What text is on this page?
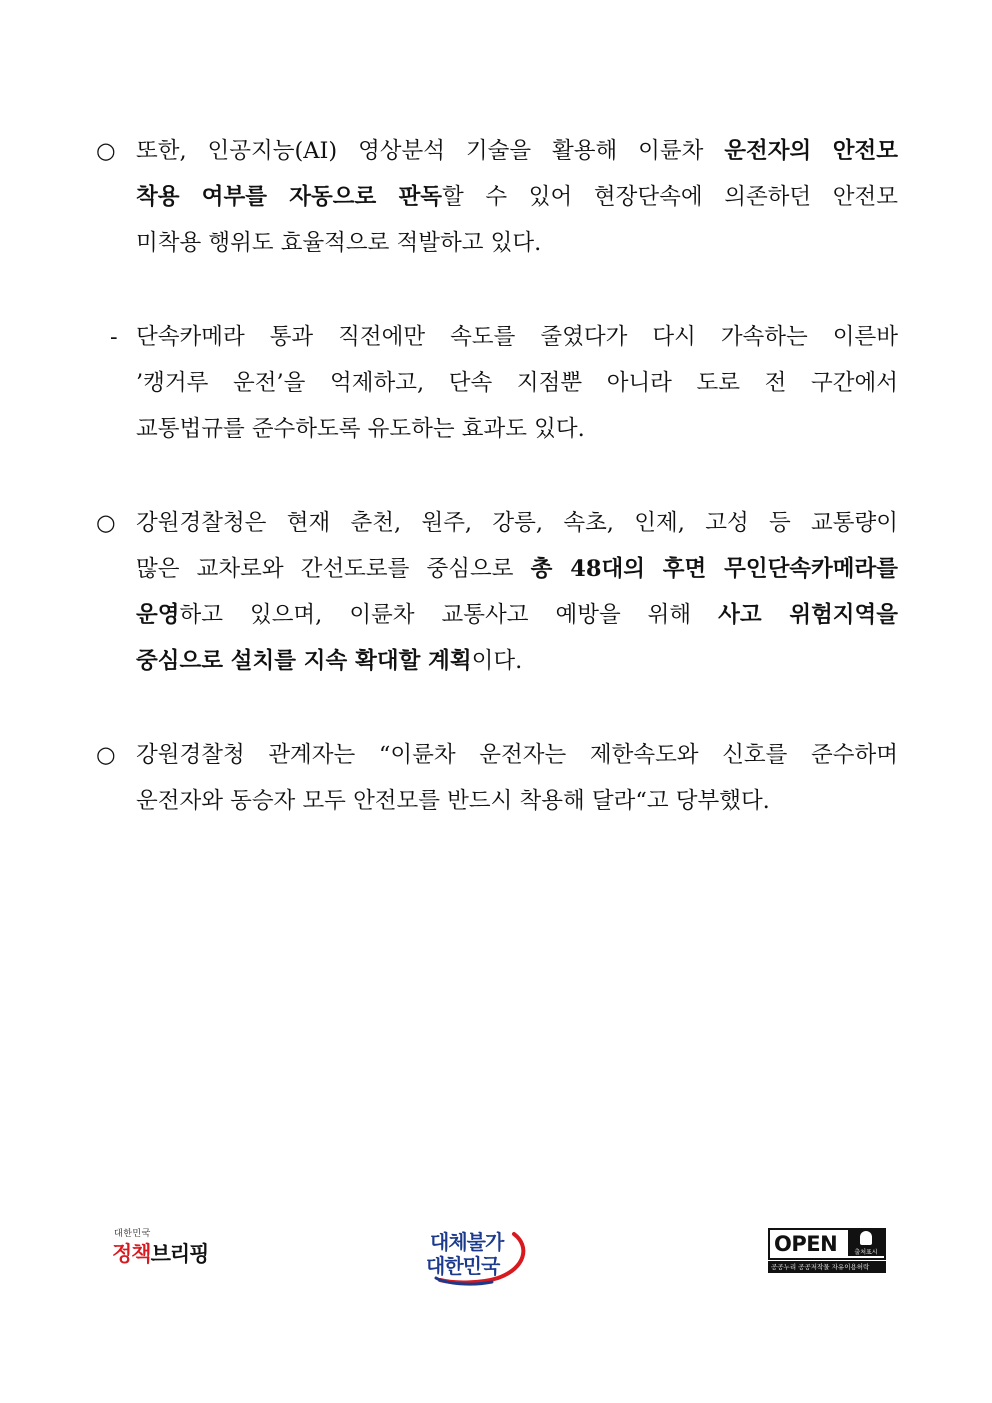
○ 또한, 인공지능(AI) 영상분석 기술을 활용해 이륜차 운전자의 안전모
착용 여부를 자동으로 판독할 수 있어 현장단속에 의존하던 안전모
미착용 행위도 효율적으로 적발하고 있다.
- 단속카메라 통과 직전에만 속도를 줄였다가 다시 가속하는 이른바
’캥거루 운전’을 억제하고, 단속 지점뿐 아니라 도로 전 구간에서
교통법규를 준수하도록 유도하는 효과도 있다.
○ 강원경찰청은 현재 춘천, 원주, 강릉, 속초, 인제, 고성 등 교통량이
많은 교차로와 간선도로를 중심으로 총 48대의 후면 무인단속카메라를
운영하고 있으며, 이륜차 교통사고 예방을 위해 사고 위험지역을
중심으로 설치를 지속 확대할 계획이다.
○ 강원경찰청 관계자는 “이륜차 운전자는 제한속도와 신호를 준수하며
운전자와 동승자 모두 안전모를 반드시 착용해 달라“고 당부했다.
대한민국
정책브리핑	대체불가
대한민국
OPEN	출처표시
공공누리 공공저작물 자유이용허락
